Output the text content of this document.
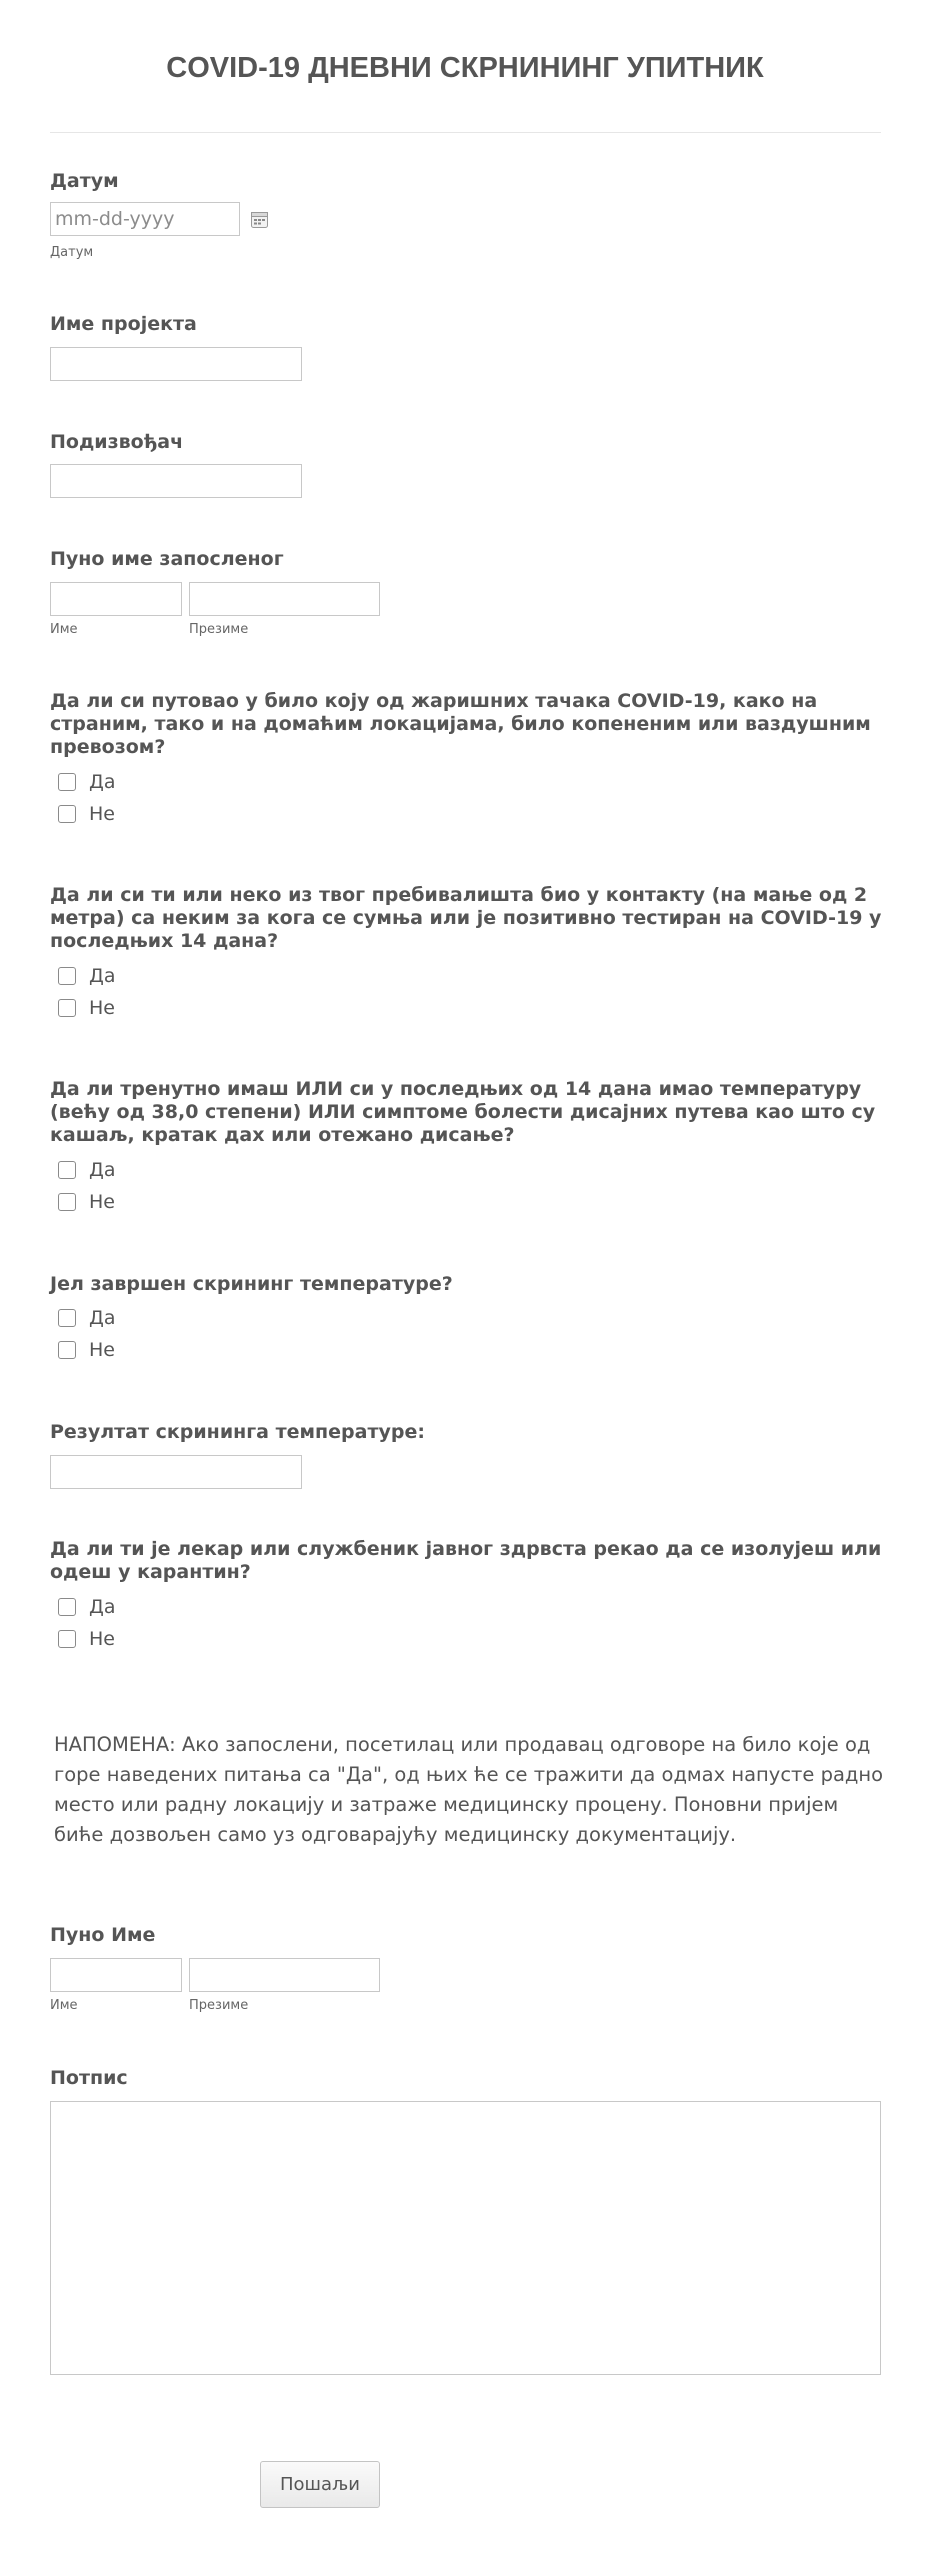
COVID-19 ДНЕВНИ СКРНИНИНГ УПИТНИК
Датум
mm-dd-yyyy
Датум
Име пројекта
Подизвођач
Пуно име запосленог
Име	Презиме
Да ли си путовао у било коју од жаришних тачака COVID-19, како на страним, тако и на домаћим локацијама, било копененим или ваздушним превозом?
Да
Не
Да ли си ти или неко из твог пребивалишта био у контакту (на мање од 2 метра) са неким за кога се сумња или је позитивно тестиран на COVID-19 у последњих 14 дана?
Да
Не
Да ли тренутно имаш ИЛИ си у последњих од 14 дана имао температуру (већу од 38,0 степени) ИЛИ симптоме болести дисајних путева као што су кашаљ, кратак дах или отежано дисање?
Да
Не
Јел завршен скрининг температуре?
Да
Не
Резултат скрининга температуре:
Да ли ти је лекар или службеник јавног здрвста рекао да се изолујеш или одеш у карантин?
Да
Не

НАПОМЕНА: Ако запослени, посетилац или продавац одговоре на било које од горе наведених питања са "Да", од њих ће се тражити да одмах напусте радно место или радну локацију и затраже медицинску процену. Поновни пријем биће дозвољен само уз одговарајућу медицинску документацију.

Пуно Име
Име	Презиме
Потпис
Пошаљи
